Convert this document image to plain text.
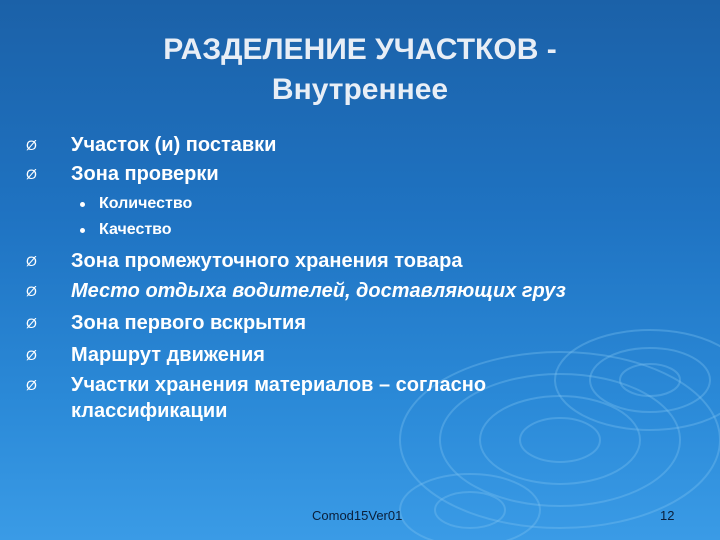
РАЗДЕЛЕНИЕ УЧАСТКОВ -
Внутреннее
Ø	Участок (и) поставки
Ø	Зона проверки
Количество
Качество
Ø	Зона промежуточного хранения товара
Ø	Место отдыха водителей, доставляющих груз
Ø	Зона первого вскрытия
Ø	Маршрут движения
Ø	Участки хранения материалов – согласно классификации
Comod15Ver01	12
